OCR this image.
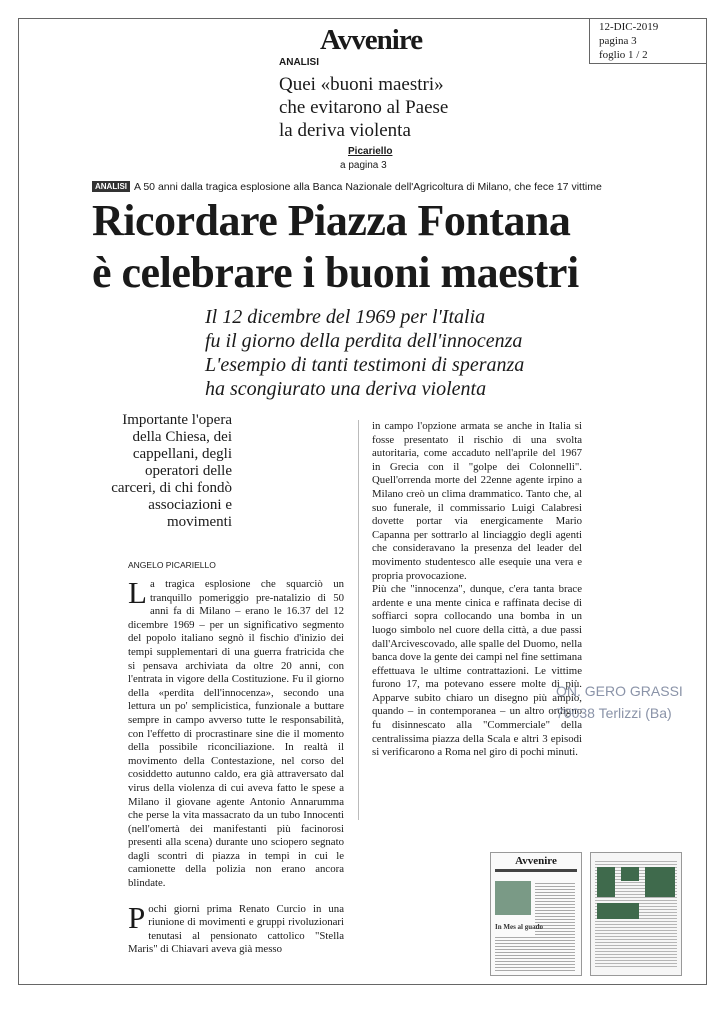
Avvenire	12-DIC-2019
pagina 3
foglio 1 / 2
ANALISI
Quei «buoni maestri»
che evitarono al Paese
la deriva violenta
Picariello
a pagina 3
ANALISI A 50 anni dalla tragica esplosione alla Banca Nazionale dell'Agricoltura di Milano, che fece 17 vittime
Ricordare Piazza Fontana
è celebrare i buoni maestri
Il 12 dicembre del 1969 per l'Italia
fu il giorno della perdita dell'innocenza
L'esempio di tanti testimoni di speranza
ha scongiurato una deriva violenta
Importante l'opera della Chiesa, dei cappellani, degli operatori delle carceri, di chi fondò associazioni e movimenti
ANGELO PICARIELLO

La tragica esplosione che squarciò un tranquillo pomeriggio pre-natalizio di 50 anni fa di Milano – erano le 16.37 del 12 dicembre 1969 – per un significativo segmento del popolo italiano segnò il fischio d'inizio dei tempi supplementari di una guerra fratricida che si pensava archiviata da oltre 20 anni, con l'entrata in vigore della Costituzione. Fu il giorno della «perdita dell'innocenza», secondo una lettura un po' semplicistica, funzionale a buttare sempre in campo avverso tutte le responsabilità, con l'effetto di procrastinare sine die il momento della possibile riconciliazione. In realtà il movimento della Contestazione, nel corso del cosiddetto autunno caldo, era già attraversato dal virus della violenza di cui aveva fatto le spese a Milano il giovane agente Antonio Annarumma che perse la vita massacrato da un tubo Innocenti (nell'omertà dei manifestanti più facinorosi presenti alla scena) durante uno sciopero segnato dagli scontri di piazza in tempi in cui le camionette della polizia non erano ancora blindate.

Pochi giorni prima Renato Curcio in una riunione di movimenti e gruppi rivoluzionari tenutasi al pensionato cattolico "Stella Maris" di Chiavari aveva già messo

in campo l'opzione armata se anche in Italia si fosse presentato il rischio di una svolta autoritaria, come accaduto nell'aprile del 1967 in Grecia con il "golpe dei Colonnelli". Quell'orrenda morte del 22enne agente irpino a Milano creò un clima drammatico. Tanto che, al suo funerale, il commissario Luigi Calabresi dovette portar via energicamente Mario Capanna per sottrarlo al linciaggio degli agenti che consideravano la presenza del leader del movimento studentesco alle esequie una vera e propria provocazione.

Più che "innocenza", dunque, c'era tanta brace ardente e una mente cinica e raffinata decise di soffiarci sopra collocando una bomba in un luogo simbolo nel cuore della città, a due passi dall'Arcivescovado, alle spalle del Duomo, nella banca dove la gente dei campi nel fine settimana effettuava le ultime contrattazioni. Le vittime furono 17, ma potevano essere molte di più. Apparve subito chiaro un disegno più ampio, quando – in contemporanea – un altro ordigno fu disinnescato alla "Commerciale" della centralissima piazza della Scala e altri 3 episodi si verificarono a Roma nel giro di pochi minuti.

ON. GERO GRASSI
70038 Terlizzi (Ba)
Avvenire
In Mes al guado
